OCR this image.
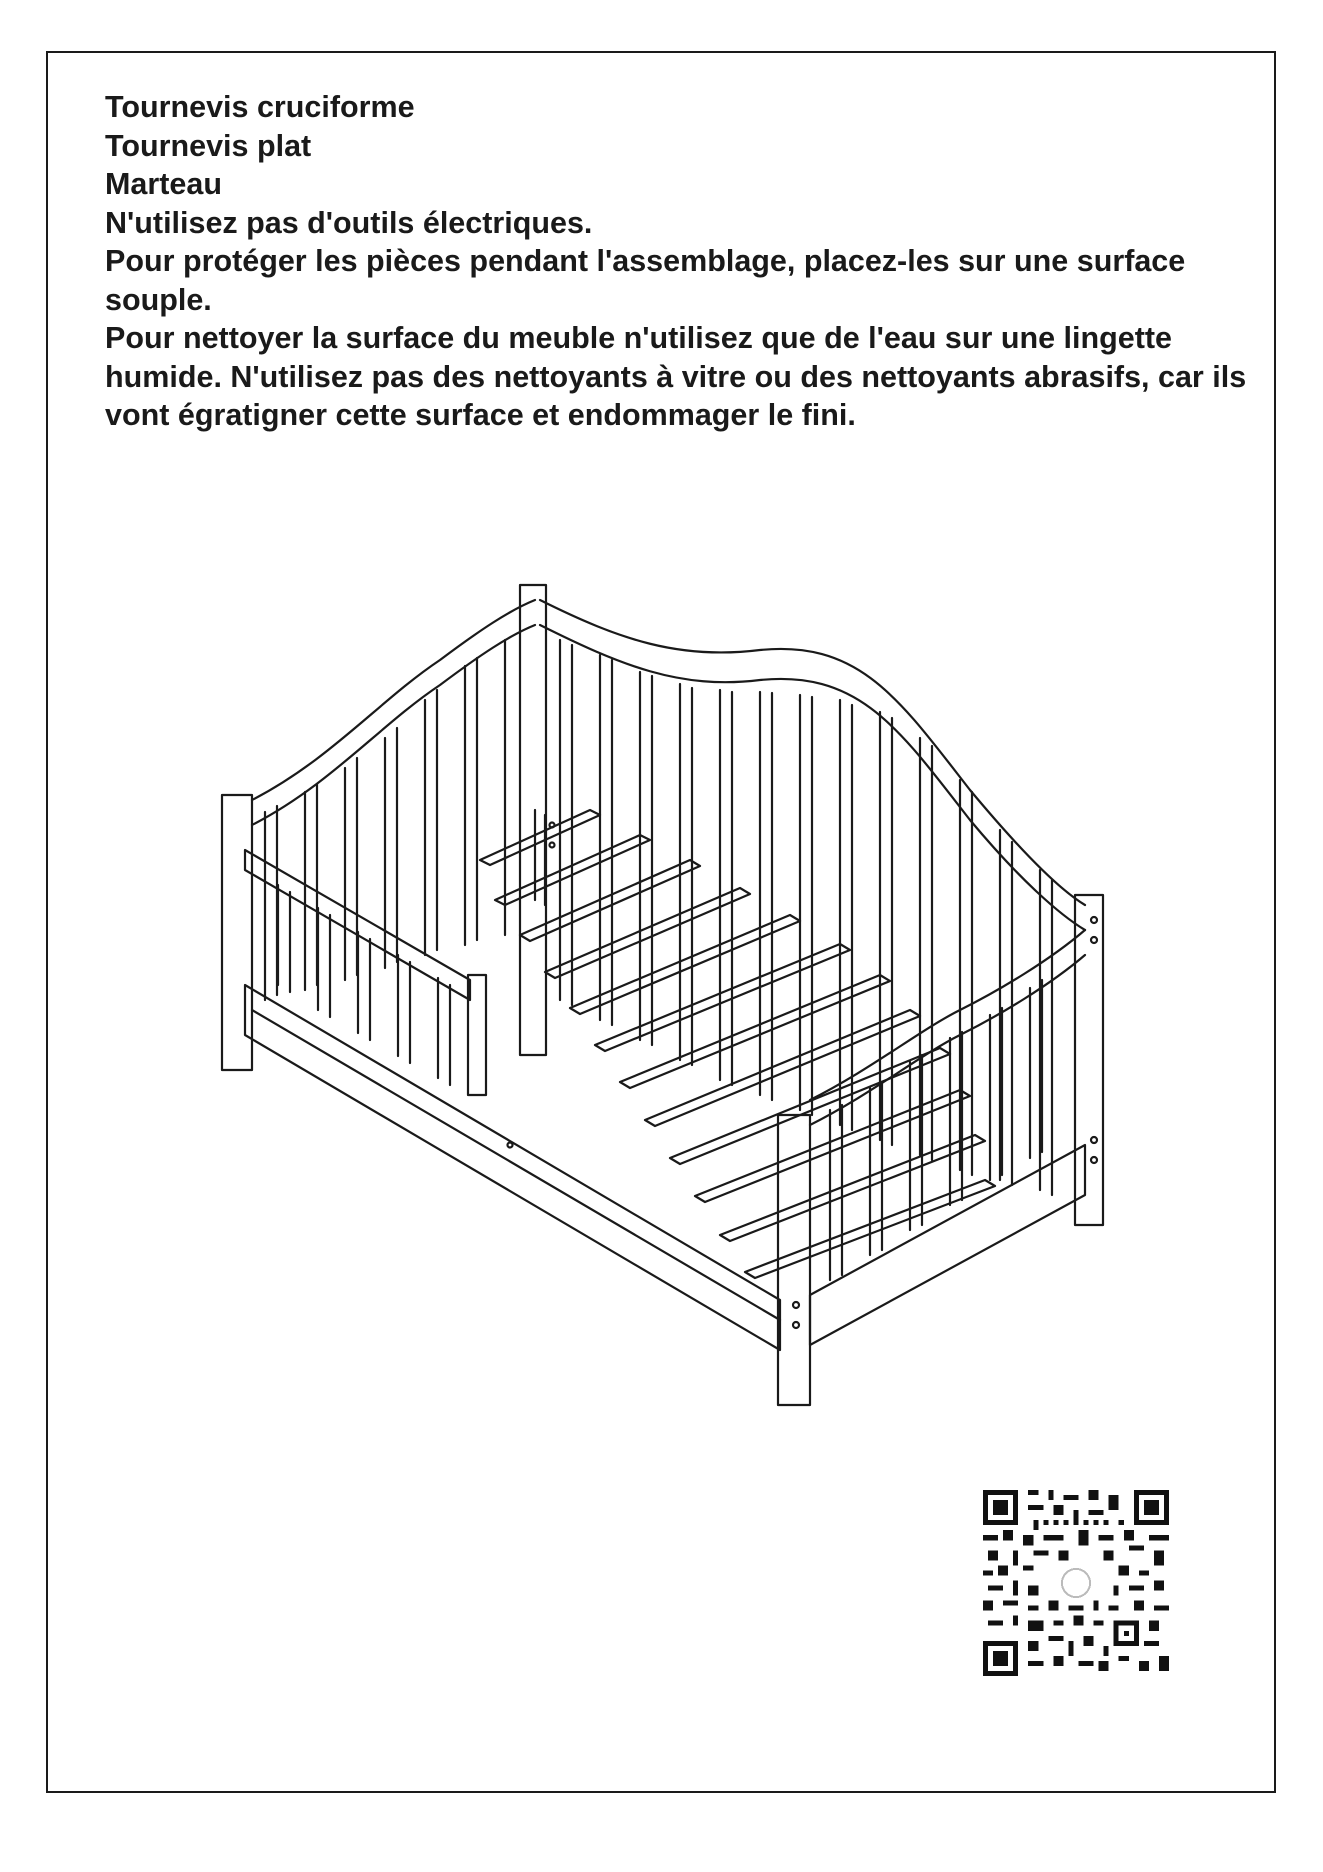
Tournevis cruciforme

Tournevis plat

Marteau

N'utilisez pas d'outils électriques.

Pour protéger les pièces pendant l'assemblage, placez-les sur une surface souple.

Pour nettoyer la surface du meuble n'utilisez que de l'eau sur une lingette humide. N'utilisez pas des nettoyants à vitre ou des nettoyants abrasifs, car ils vont égratigner cette surface et endommager le fini.
